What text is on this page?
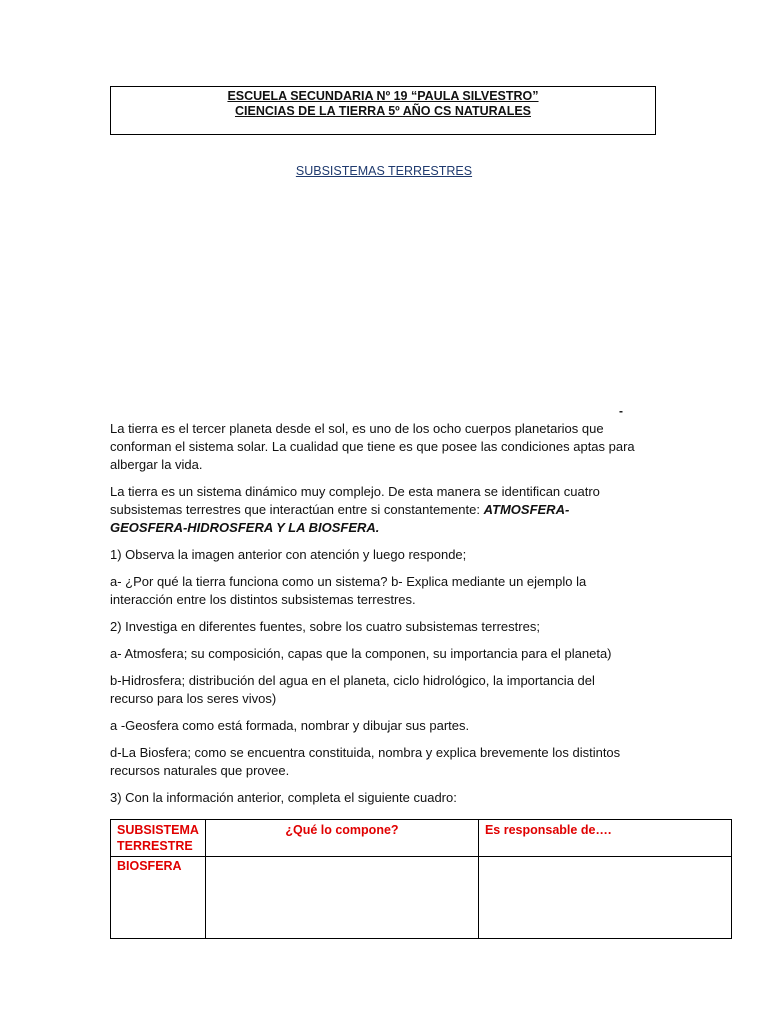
ESCUELA SECUNDARIA Nº 19 “PAULA SILVESTRO”
CIENCIAS DE LA TIERRA 5º AÑO CS NATURALES
SUBSISTEMAS TERRESTRES
-

La tierra es el tercer planeta desde el sol, es uno de los ocho cuerpos planetarios que conforman el sistema solar. La cualidad que tiene es que posee las condiciones aptas para albergar la vida.

La tierra es un sistema dinámico muy complejo. De esta manera se identifican cuatro subsistemas terrestres que interactúan entre si constantemente: ATMOSFERA-GEOSFERA-HIDROSFERA Y LA BIOSFERA.

1) Observa la imagen anterior con atención y luego responde;

a- ¿Por qué la tierra funciona como un sistema? b- Explica mediante un ejemplo la interacción entre los distintos subsistemas terrestres.

2) Investiga en diferentes fuentes, sobre los cuatro subsistemas terrestres;

a- Atmosfera; su composición, capas que la componen, su importancia para el planeta)

b-Hidrosfera; distribución del agua en el planeta, ciclo hidrológico, la importancia del recurso para los seres vivos)

a -Geosfera como está formada, nombrar y dibujar sus partes.

d-La Biosfera; como se encuentra constituida, nombra y explica brevemente los distintos recursos naturales que provee.

3) Con la información anterior, completa el siguiente cuadro:

SUBSISTEMA
TERRESTRE	¿Qué lo compone?	Es responsable de….
BIOSFERA		
